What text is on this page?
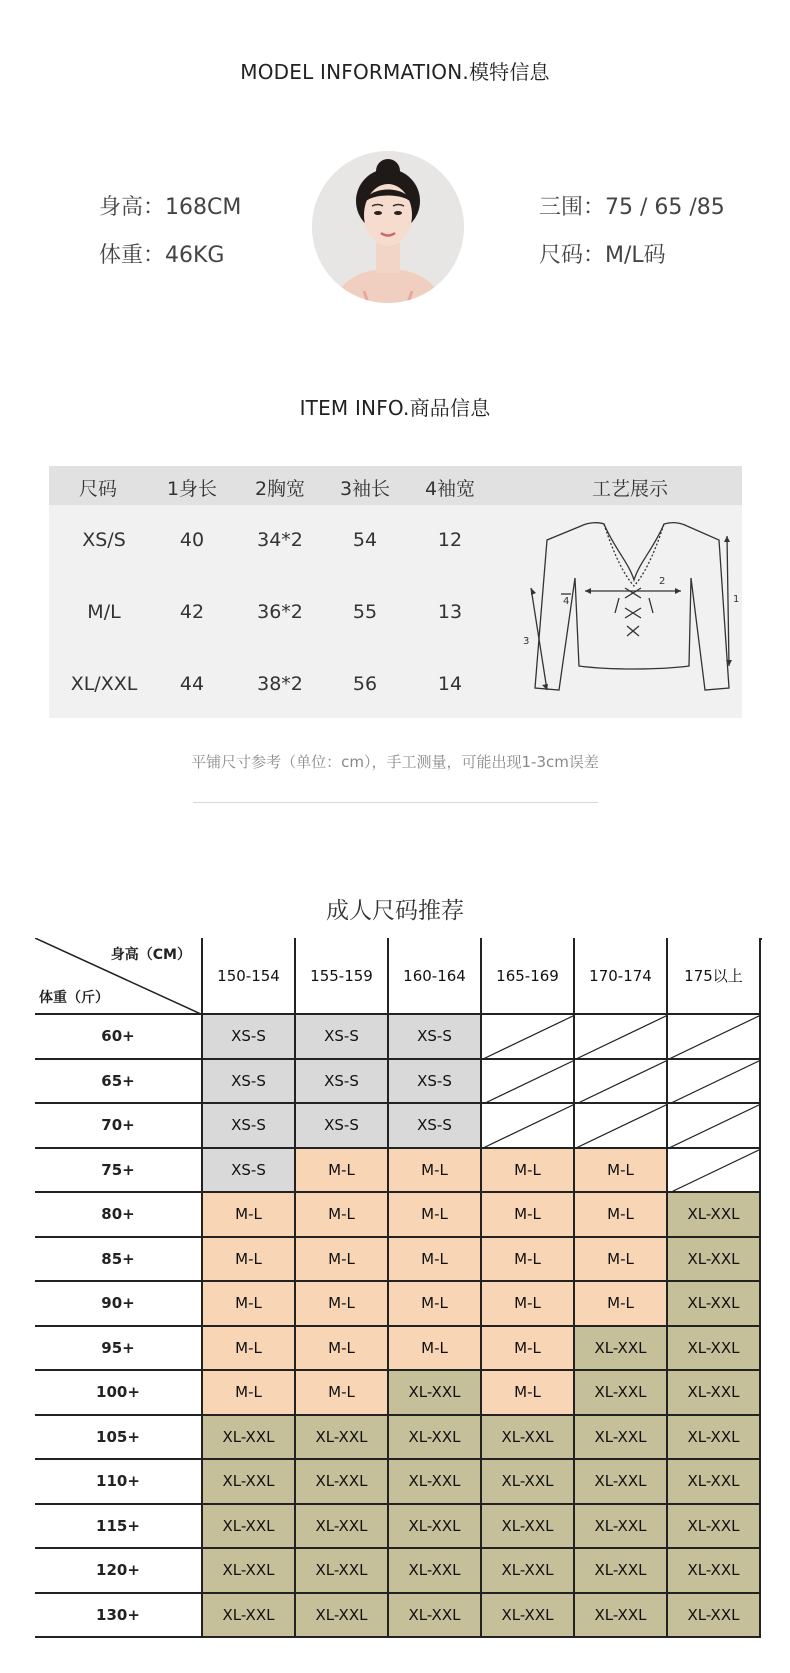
MODEL INFORMATION.模特信息
身高：168CM
体重：46KG
三围：75 / 65 /85
尺码：M/L码
ITEM INFO.商品信息
尺码	1身长	2胸宽	3袖长	4袖宽	工艺展示
XS/S	40	34*2	54	12
M/L	42	36*2	55	13
XL/XXL	44	38*2	56	14
2
1
3
4
平铺尺寸参考（单位：cm），手工测量，可能出现1-3cm误差
成人尺码推荐
身高（CM）
体重（斤）
150-154	155-159	160-164	165-169	170-174	175以上
60+	XS-S	XS-S	XS-S
65+	XS-S	XS-S	XS-S
70+	XS-S	XS-S	XS-S
75+	XS-S	M-L	M-L	M-L	M-L
80+	M-L	M-L	M-L	M-L	M-L	XL-XXL
85+	M-L	M-L	M-L	M-L	M-L	XL-XXL
90+	M-L	M-L	M-L	M-L	M-L	XL-XXL
95+	M-L	M-L	M-L	M-L	XL-XXL	XL-XXL
100+	M-L	M-L	XL-XXL	M-L	XL-XXL	XL-XXL
105+	XL-XXL	XL-XXL	XL-XXL	XL-XXL	XL-XXL	XL-XXL
110+	XL-XXL	XL-XXL	XL-XXL	XL-XXL	XL-XXL	XL-XXL
115+	XL-XXL	XL-XXL	XL-XXL	XL-XXL	XL-XXL	XL-XXL
120+	XL-XXL	XL-XXL	XL-XXL	XL-XXL	XL-XXL	XL-XXL
130+	XL-XXL	XL-XXL	XL-XXL	XL-XXL	XL-XXL	XL-XXL
